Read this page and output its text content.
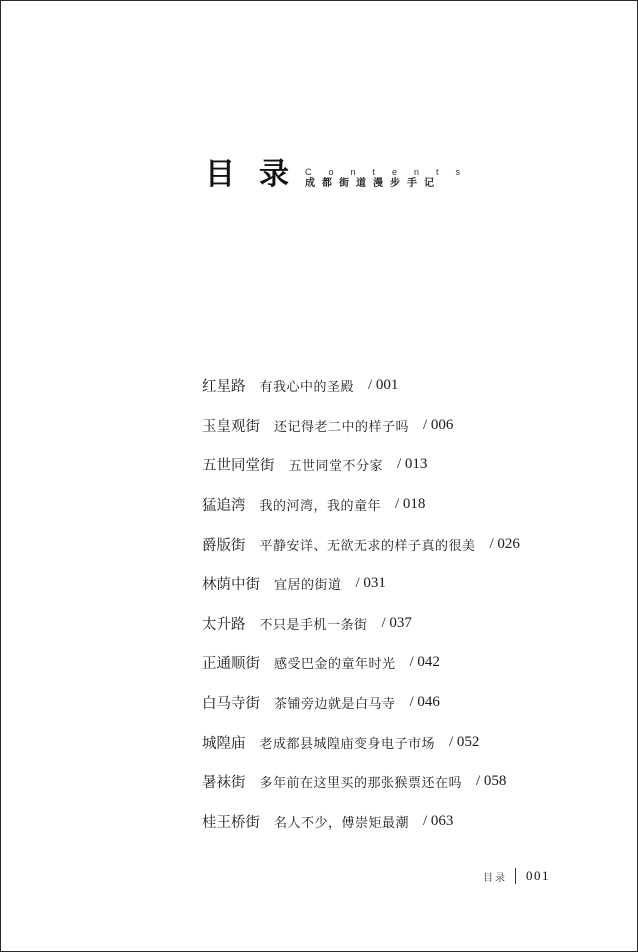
目录
Contents
成都街道漫步手记
红星路 有我心中的圣殿 / 001
玉皇观街 还记得老二中的样子吗 / 006
五世同堂街 五世同堂不分家 / 013
猛追湾 我的河湾，我的童年 / 018
爵版街 平静安详、无欲无求的样子真的很美 / 026
林荫中街 宜居的街道 / 031
太升路 不只是手机一条街 / 037
正通顺街 感受巴金的童年时光 / 042
白马寺街 茶铺旁边就是白马寺 / 046
城隍庙 老成都县城隍庙变身电子市场 / 052
暑袜街 多年前在这里买的那张猴票还在吗 / 058
桂王桥街 名人不少，傅崇矩最潮 / 063
目录 001
